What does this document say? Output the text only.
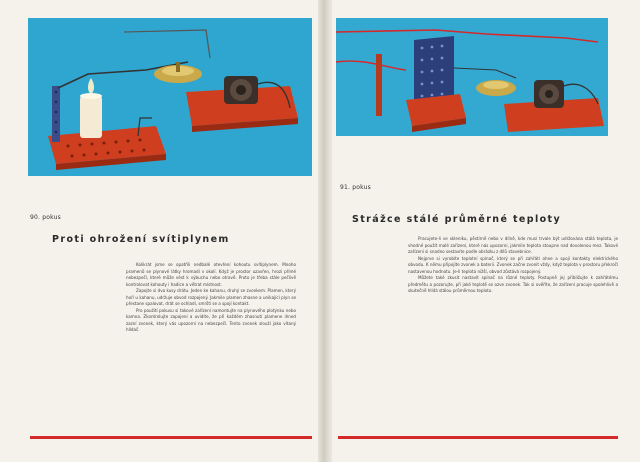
90. pokus
Proti ohrožení svítiplynem

Kolikrát jsme se opatřili nedbalé otevření kohoutu svítiplynem. Mnoho pramenů se plynové látky hromadí v okolí. Když je prostor uzavřen, hrozí přímé nebezpečí, které může vést k výbuchu nebo otravě. Proto je třeba stále pečlivě kontrolovat kohouty i hadice a větrat místnost.

Zapojte si dva kusy drátu. Jeden ke kahanu, druhý se zvonkem. Plamen, který hoří u kahanu, udržuje obvod rozpojený. Jakmile plamen zhasne a unikající plyn se přestane spalovat, drát se ochladí, smrští se a spojí kontakt.

Pro použití pokusu si takové zařízení namontujte na plynového plotýnku nebo kamna. Zkontrolujte zapojení a uvidíte, že při každém zhasnutí plamene ihned zazní zvonek, který vás upozorní na nebezpečí. Tento zvonek slouží jako vítaný hlídač.

91. pokus
Strážce stálé průměrné teploty

Pracujete-li ve skleníku, pěstírně nebo v dílně, kde musí trvale být udržována stálá teplota, je vhodné použít malé zařízení, které nás upozorní, jakmile teplota stoupne nad dovolenou mez. Takové zařízení si snadno sestavíte podle obrázku z dílů stavebnice.

Nejprve si vyrobíte teplotní spínač, který se při zahřátí ohne a spojí kontakty elektrického obvodu. K němu připojíte zvonek a baterii. Zvonek začne zvonit vždy, když teplota v prostoru překročí nastavenou hodnotu. Je-li teplota nižší, obvod zůstává rozpojený.

Můžete také zkusit nastavit spínač na různé teploty. Postupně jej přibližujte k zahřátému předmětu a pozorujte, při jaké teplotě se ozve zvonek. Tak si ověříte, že zařízení pracuje spolehlivě a skutečně hlídá stálou průměrnou teplotu.
